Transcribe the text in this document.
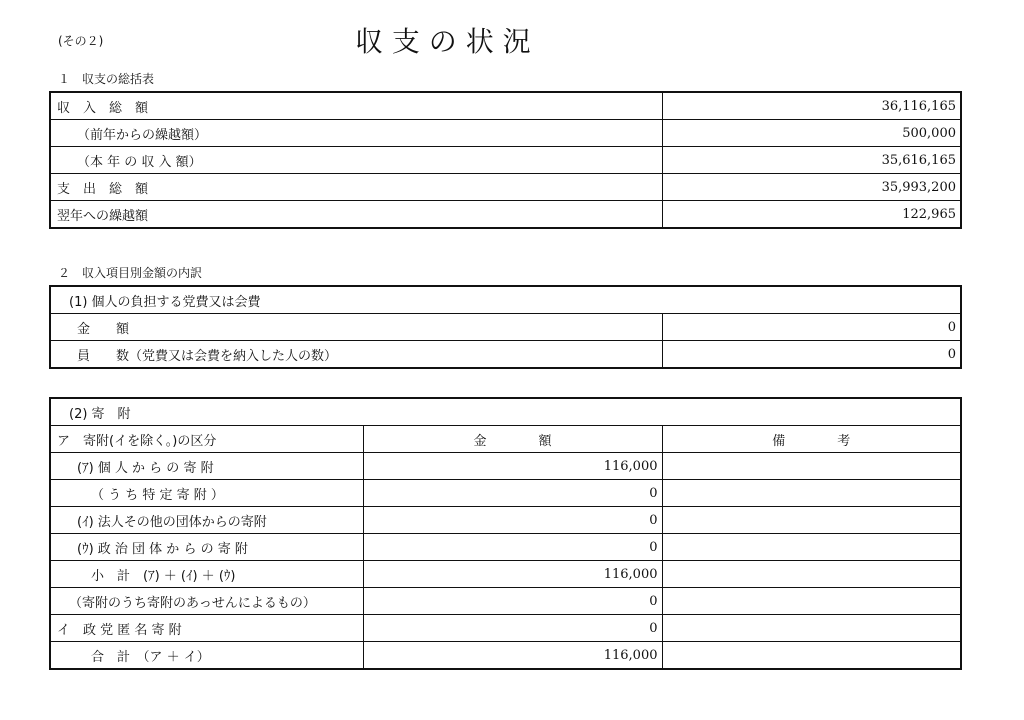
(その２)	収 支 の 状 況
１　収支の総括表
収　入　総　額	36,116,165
（前年からの繰越額）	500,000
（本 年 の 収 入 額）	35,616,165
支　出　総　額	35,993,200
翌年への繰越額	122,965
２　収入項目別金額の内訳
(1) 個人の負担する党費又は会費	
金　　額	0
員　　数（党費又は会費を納入した人の数）	0
(2) 寄　附		
ア　寄附(イを除く。)の区分	金　　　　額	備　　　　考
(ｱ) 個 人 か ら の 寄 附	116,000	
（ う ち 特 定 寄 附 ）	0	
(ｲ) 法人その他の団体からの寄附	0	
(ｳ) 政 治 団 体 か ら の 寄 附	0	
小　計　(ｱ) ＋ (ｲ) ＋ (ｳ)	116,000	
（寄附のうち寄附のあっせんによるもの）	0	
イ　政 党 匿 名 寄 附	0	
合　計　（ア ＋ イ）	116,000	
